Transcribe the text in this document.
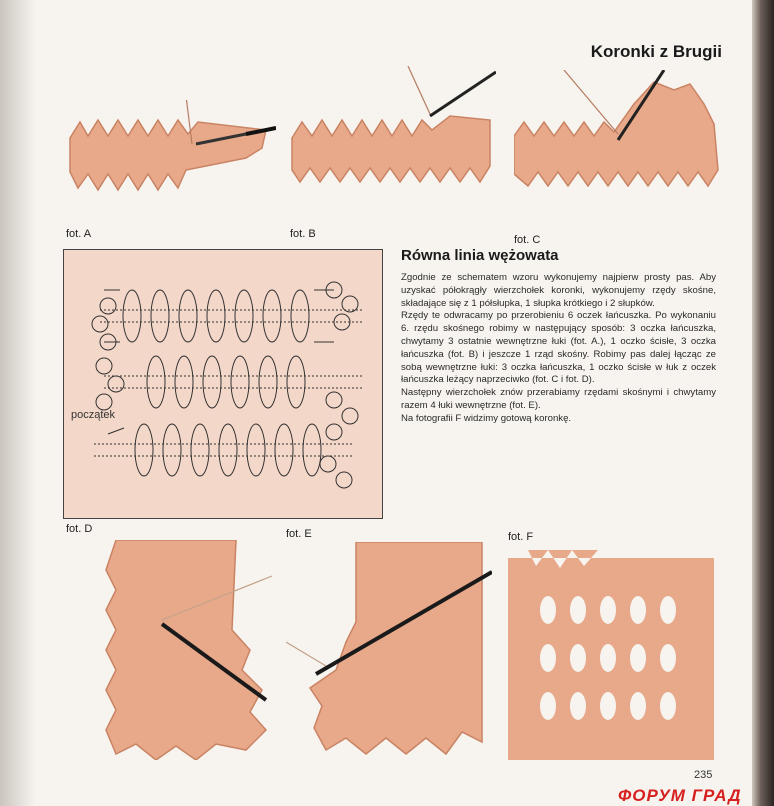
Koronki z Brugii
fot. A	fot. B	fot. C
początek
Równa linia wężowata

Zgodnie ze schematem wzoru wykonujemy najpierw prosty pas. Aby uzyskać półokrągły wierzchołek koronki, wykonujemy rzędy skośne, składające się z 1 półsłupka, 1 słupka krótkiego i 2 słupków.

Rzędy te odwracamy po przerobieniu 6 oczek łańcuszka. Po wykonaniu 6. rzędu skośnego robimy w następujący sposób: 3 oczka łańcuszka, chwytamy 3 ostatnie wewnętrzne łuki (fot. A.), 1 oczko ścisłe, 3 oczka łańcuszka (fot. B) i jeszcze 1 rząd skośny. Robimy pas dalej łącząc ze sobą wewnętrzne łuki: 3 oczka łańcuszka, 1 oczko ścisłe w łuk z oczek łańcuszka leżący naprzeciwko (fot. C i fot. D).

Następny wierzchołek znów przerabiamy rzędami skośnymi i chwytamy razem 4 łuki wewnętrzne (fot. E).

Na fotografii F widzimy gotową koronkę.

fot. D	fot. E	fot. F
235
ФОРУМ ГРАД
